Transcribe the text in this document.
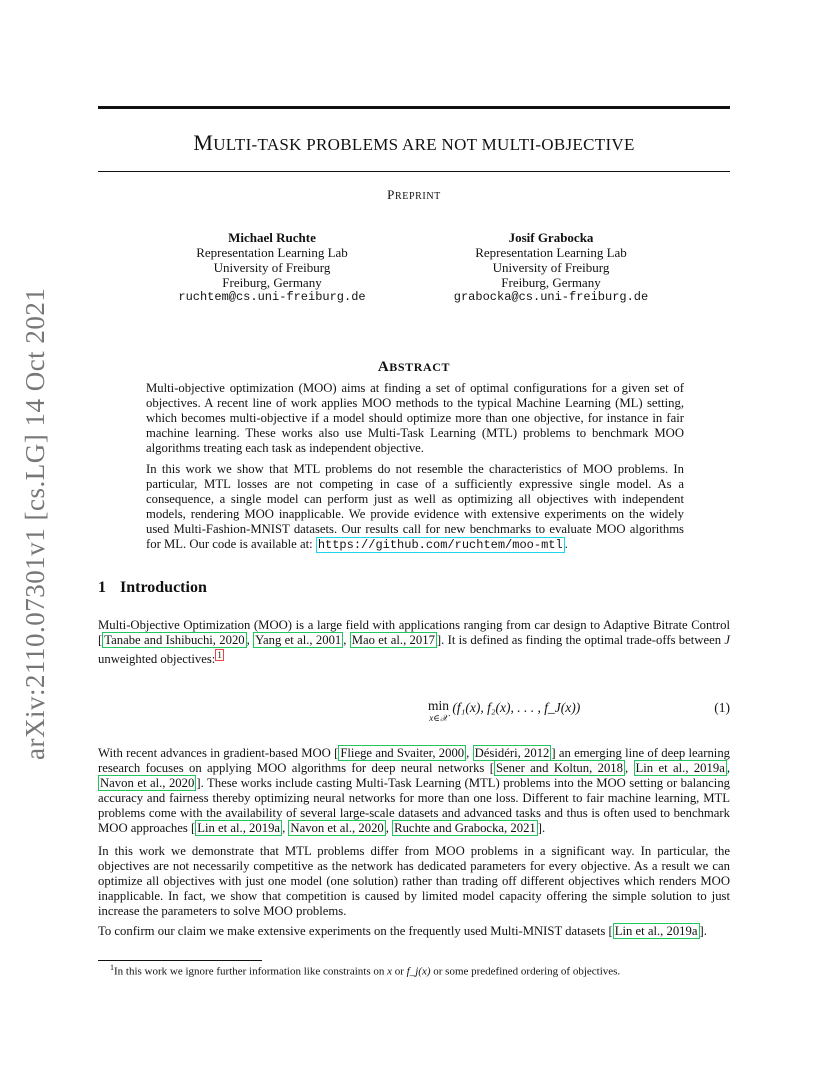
arXiv:2110.07301v1 [cs.LG] 14 Oct 2021
MULTI-TASK PROBLEMS ARE NOT MULTI-OBJECTIVE
PREPRINT
Michael Ruchte
Representation Learning Lab
University of Freiburg
Freiburg, Germany
ruchtem@cs.uni-freiburg.de
Josif Grabocka
Representation Learning Lab
University of Freiburg
Freiburg, Germany
grabocka@cs.uni-freiburg.de
ABSTRACT
Multi-objective optimization (MOO) aims at finding a set of optimal configurations for a given set of objectives. A recent line of work applies MOO methods to the typical Machine Learning (ML) setting, which becomes multi-objective if a model should optimize more than one objective, for instance in fair machine learning. These works also use Multi-Task Learning (MTL) problems to benchmark MOO algorithms treating each task as independent objective.
In this work we show that MTL problems do not resemble the characteristics of MOO problems. In particular, MTL losses are not competing in case of a sufficiently expressive single model. As a consequence, a single model can perform just as well as optimizing all objectives with independent models, rendering MOO inapplicable. We provide evidence with extensive experiments on the widely used Multi-Fashion-MNIST datasets. Our results call for new benchmarks to evaluate MOO algorithms for ML. Our code is available at: https://github.com/ruchtem/moo-mtl .
1 Introduction
Multi-Objective Optimization (MOO) is a large field with applications ranging from car design to Adaptive Bitrate Control [ Tanabe and Ishibuchi, 2020 , Yang et al., 2001 , Mao et al., 2017 ]. It is defined as finding the optimal trade-offs between J unweighted objectives: $^1$
min
x∈𝒳
(f₁(x), f₂(x), . . . , f_J(x))	(1)
With recent advances in gradient-based MOO [ Fliege and Svaiter, 2000 , Désidéri, 2012 ] an emerging line of deep learning research focuses on applying MOO algorithms for deep neural networks [ Sener and Koltun, 2018 , Lin et al., 2019a , Navon et al., 2020 ]. These works include casting Multi-Task Learning (MTL) problems into the MOO setting or balancing accuracy and fairness thereby optimizing neural networks for more than one loss. Different to fair machine learning, MTL problems come with the availability of several large-scale datasets and advanced tasks and thus is often used to benchmark MOO approaches [ Lin et al., 2019a , Navon et al., 2020 , Ruchte and Grabocka, 2021 ].
In this work we demonstrate that MTL problems differ from MOO problems in a significant way. In particular, the objectives are not necessarily competitive as the network has dedicated parameters for every objective. As a result we can optimize all objectives with just one model (one solution) rather than trading off different objectives which renders MOO inapplicable. In fact, we show that competition is caused by limited model capacity offering the simple solution to just increase the parameters to solve MOO problems.
To confirm our claim we make extensive experiments on the frequently used Multi-MNIST datasets [ Lin et al., 2019a ].
$^1$In this work we ignore further information like constraints on x or f_j(x) or some predefined ordering of objectives.
